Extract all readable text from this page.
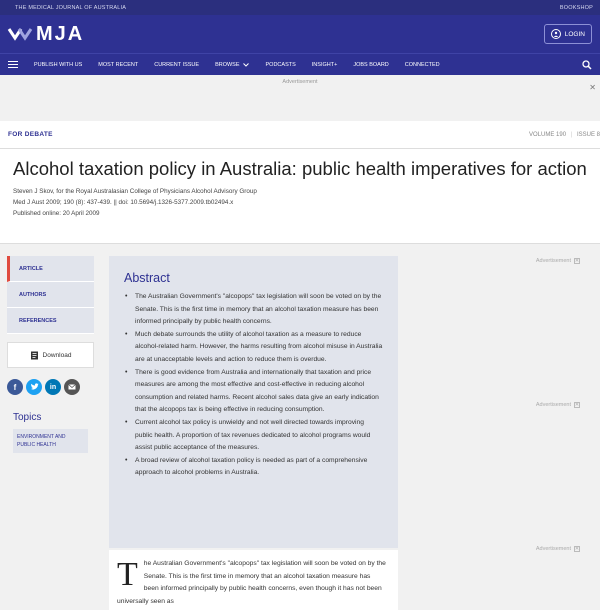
THE MEDICAL JOURNAL OF AUSTRALIA	BOOKSHOP
MJA	LOGIN
PUBLISH WITH US	MOST RECENT	CURRENT ISSUE	BROWSE	PODCASTS	INSIGHT+	JOBS BOARD	CONNECTED
Advertisement
✕
FOR DEBATE	VOLUME 190 | ISSUE 8
Alcohol taxation policy in Australia: public health imperatives for action
Steven J Skov, for the Royal Australasian College of Physicians Alcohol Advisory Group
Med J Aust 2009; 190 (8): 437-439. || doi: 10.5694/j.1326-5377.2009.tb02494.x
Published online: 20 April 2009
ARTICLE
AUTHORS
REFERENCES
Download
f	in
Topics
ENVIRONMENT AND PUBLIC HEALTH
Abstract
• The Australian Government's "alcopops" tax legislation will soon be voted on by the Senate. This is the first time in memory that an alcohol taxation measure has been informed principally by public health concerns.
• Much debate surrounds the utility of alcohol taxation as a measure to reduce alcohol-related harm. However, the harms resulting from alcohol misuse in Australia are at unacceptable levels and action to reduce them is overdue.
• There is good evidence from Australia and internationally that taxation and price measures are among the most effective and cost-effective in reducing alcohol consumption and related harms. Recent alcohol sales data give an early indication that the alcopops tax is being effective in reducing consumption.
• Current alcohol tax policy is unwieldy and not well directed towards improving public health. A proportion of tax revenues dedicated to alcohol programs would assist public acceptance of the measures.
• A broad review of alcohol taxation policy is needed as part of a comprehensive approach to alcohol problems in Australia.
T he Australian Government's "alcopops" tax legislation will soon be voted on by the Senate. This is the first time in memory that an alcohol taxation measure has been informed principally by public health concerns, even though it has not been universally seen as

Advertisement ✕
Advertisement ✕
Advertisement ✕
